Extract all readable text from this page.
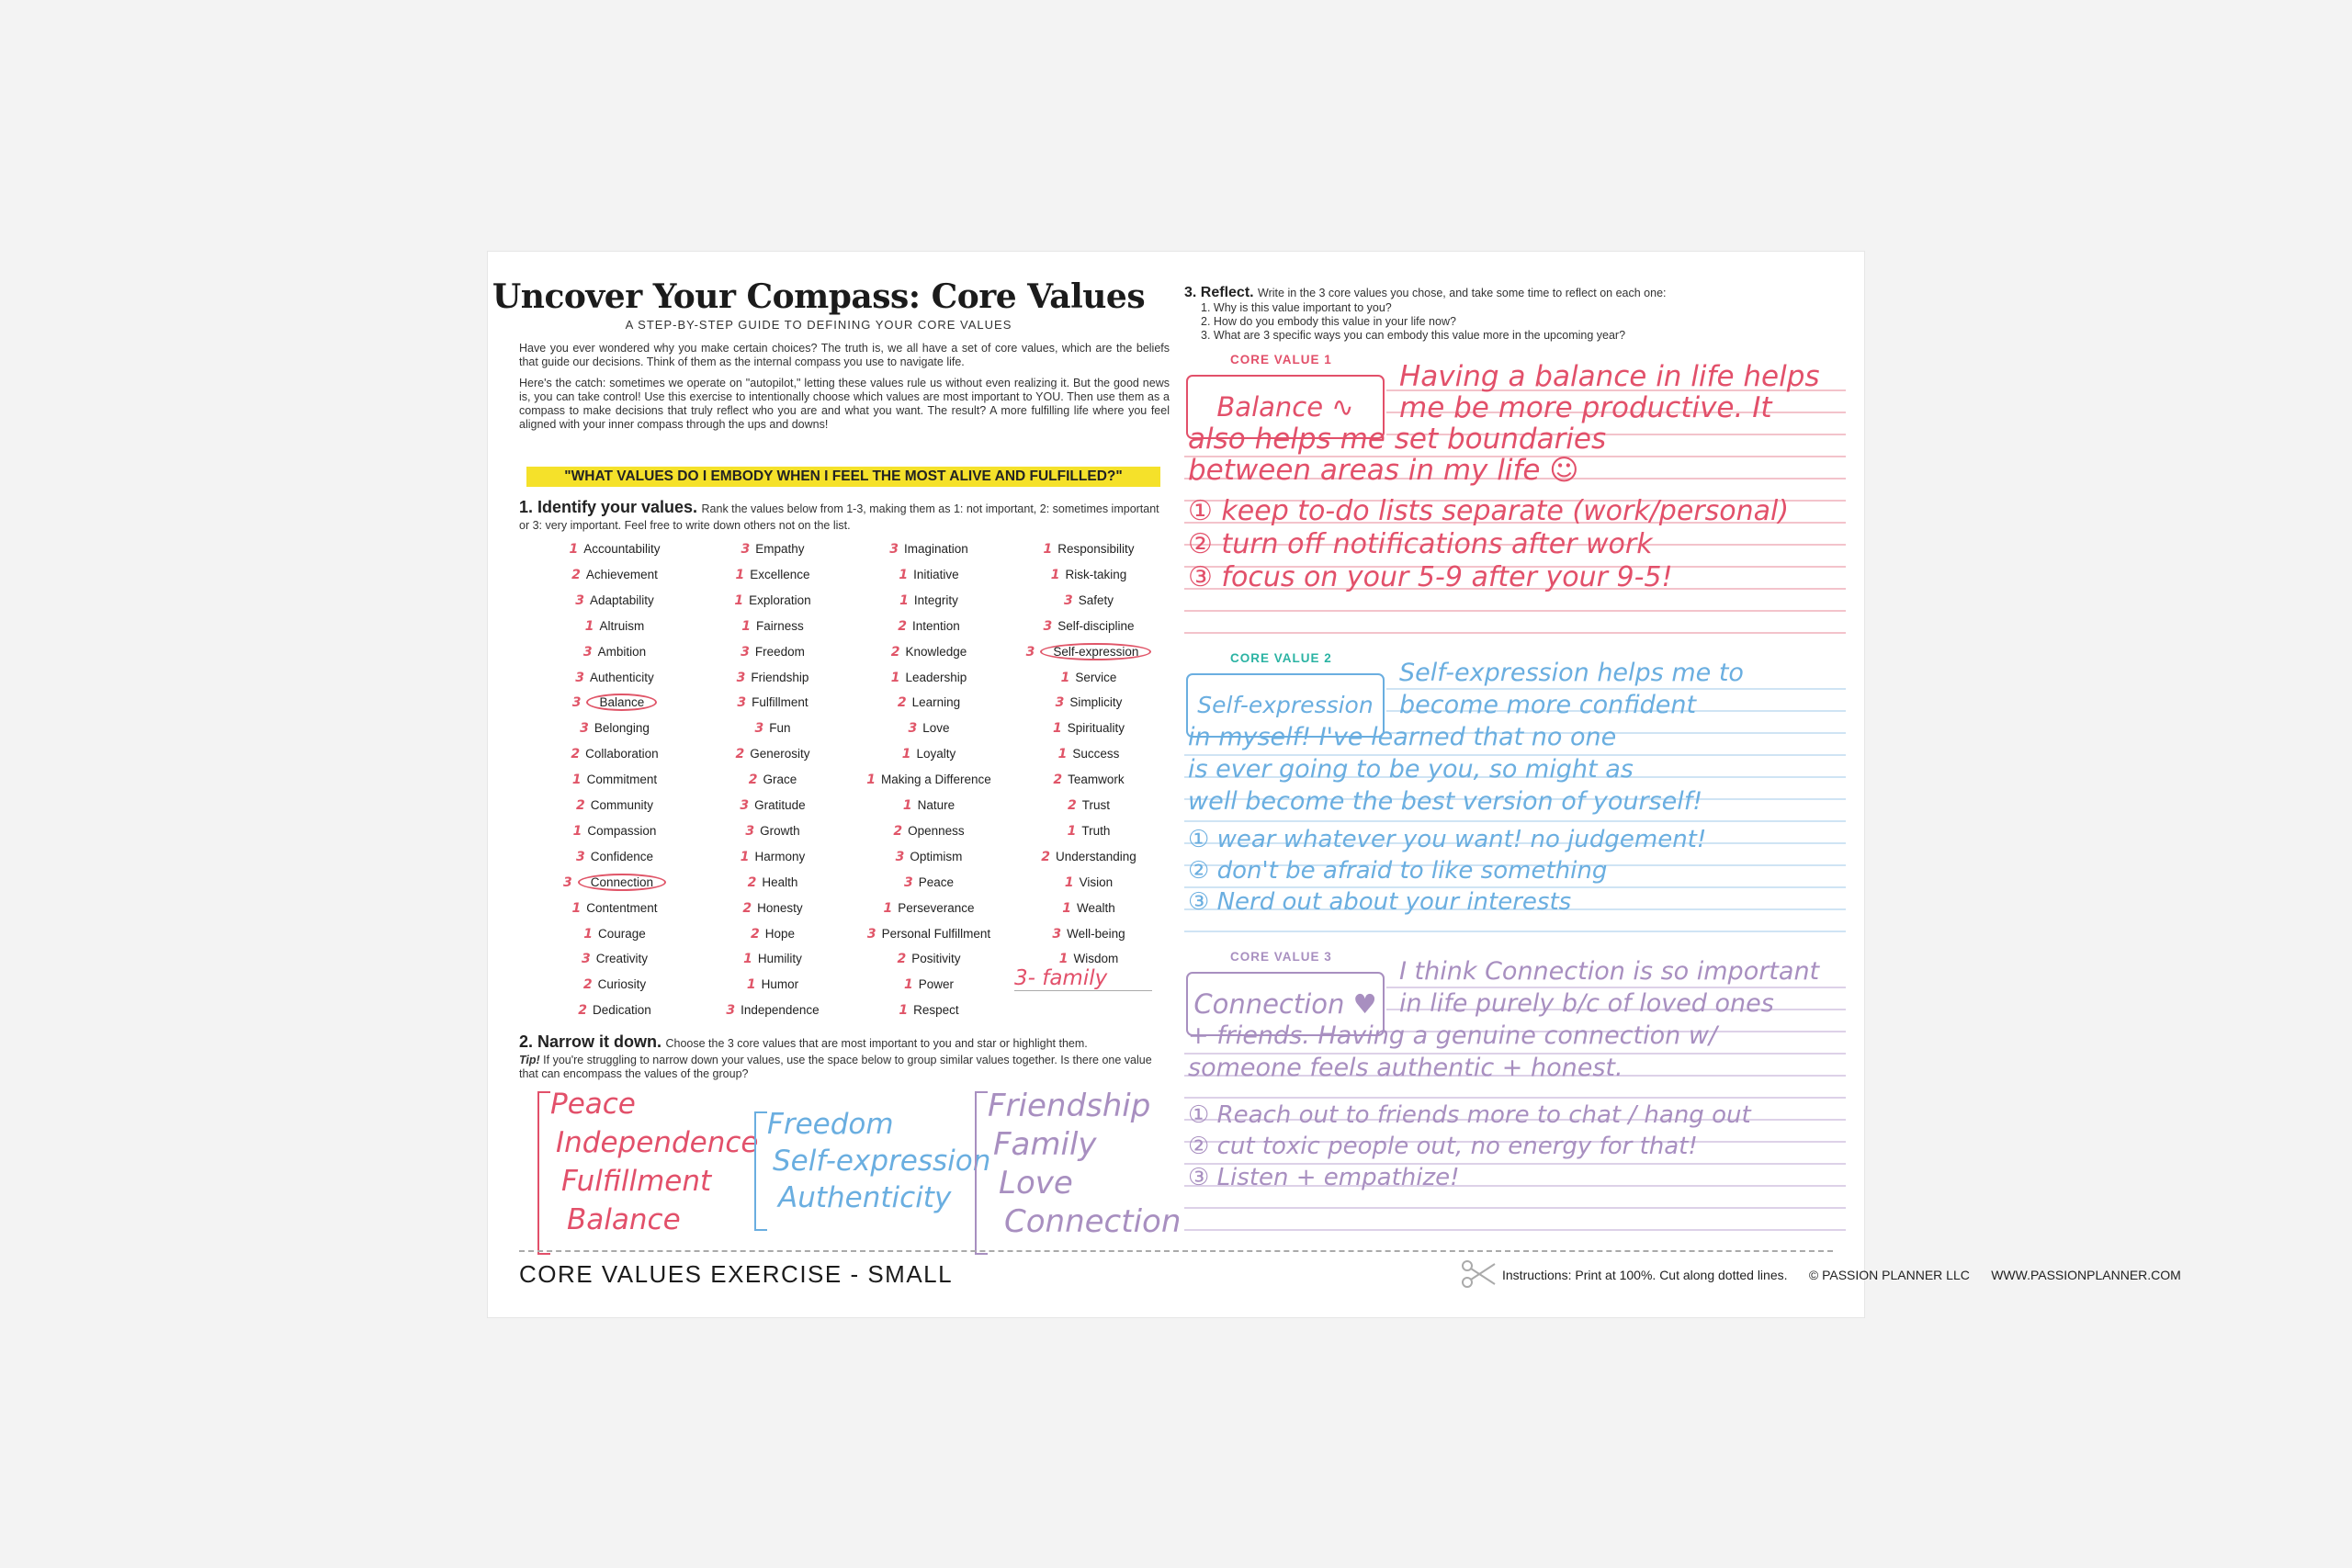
Uncover Your Compass: Core Values
A STEP-BY-STEP GUIDE TO DEFINING YOUR CORE VALUES
Have you ever wondered why you make certain choices? The truth is, we all have a set of core values, which are the beliefs that guide our decisions. Think of them as the internal compass you use to navigate life.
Here's the catch: sometimes we operate on "autopilot," letting these values rule us without even realizing it. But the good news is, you can take control! Use this exercise to intentionally choose which values are most important to YOU. Then use them as a compass to make decisions that truly reflect who you are and what you want. The result? A more fulfilling life where you feel aligned with your inner compass through the ups and downs!
"WHAT VALUES DO I EMBODY WHEN I FEEL THE MOST ALIVE AND FULFILLED?"
1. Identify your values. Rank the values below from 1-3, making them as 1: not important, 2: sometimes important or 3: very important. Feel free to write down others not on the list.
1 Accountability
2 Achievement
3 Adaptability
1 Altruism
3 Ambition
3 Authenticity
3 Balance
3 Belonging
2 Collaboration
1 Commitment
2 Community
1 Compassion
3 Confidence
3 Connection
1 Contentment
1 Courage
3 Creativity
2 Curiosity
2 Dedication
3 Empathy
1 Excellence
1 Exploration
1 Fairness
3 Freedom
3 Friendship
3 Fulfillment
3 Fun
2 Generosity
2 Grace
3 Gratitude
3 Growth
1 Harmony
2 Health
2 Honesty
2 Hope
1 Humility
1 Humor
3 Independence
3 Imagination
1 Initiative
1 Integrity
2 Intention
2 Knowledge
1 Leadership
2 Learning
3 Love
1 Loyalty
1 Making a Difference
1 Nature
2 Openness
3 Optimism
3 Peace
1 Perseverance
3 Personal Fulfillment
2 Positivity
1 Power
1 Respect
1 Responsibility
1 Risk-taking
3 Safety
3 Self-discipline
3 Self-expression
1 Service
3 Simplicity
1 Spirituality
1 Success
2 Teamwork
2 Trust
1 Truth
2 Understanding
1 Vision
1 Wealth
3 Well-being
1 Wisdom
3- family
2. Narrow it down. Choose the 3 core values that are most important to you and star or highlight them.
Tip! If you're struggling to narrow down your values, use the space below to group similar values together. Is there one value that can encompass the values of the group?
Peace
Independence
Fulfillment
Balance
Freedom
Self-expression
Authenticity
Friendship
Family
Love
Connection
3. Reflect. Write in the 3 core values you chose, and take some time to reflect on each one:
1. Why is this value important to you?
2. How do you embody this value in your life now?
3. What are 3 specific ways you can embody this value more in the upcoming year?
CORE VALUE 1
Balance ∿
Having a balance in life helps
me be more productive. It
also helps me set boundaries
between areas in my life ☺
① keep to-do lists separate (work/personal)
② turn off notifications after work
③ focus on your 5-9 after your 9-5!
CORE VALUE 2
Self-expression
Self-expression helps me to
become more confident
in myself! I've learned that no one
is ever going to be you, so might as
well become the best version of yourself!
① wear whatever you want! no judgement!
② don't be afraid to like something
③ Nerd out about your interests
CORE VALUE 3
Connection ♥
I think Connection is so important
in life purely b/c of loved ones
+ friends. Having a genuine connection w/
someone feels authentic + honest.
① Reach out to friends more to chat / hang out
② cut toxic people out, no energy for that!
③ Listen + empathize!
CORE VALUES EXERCISE - SMALL	Instructions: Print at 100%. Cut along dotted lines. © PASSION PLANNER LLC WWW.PASSIONPLANNER.COM
